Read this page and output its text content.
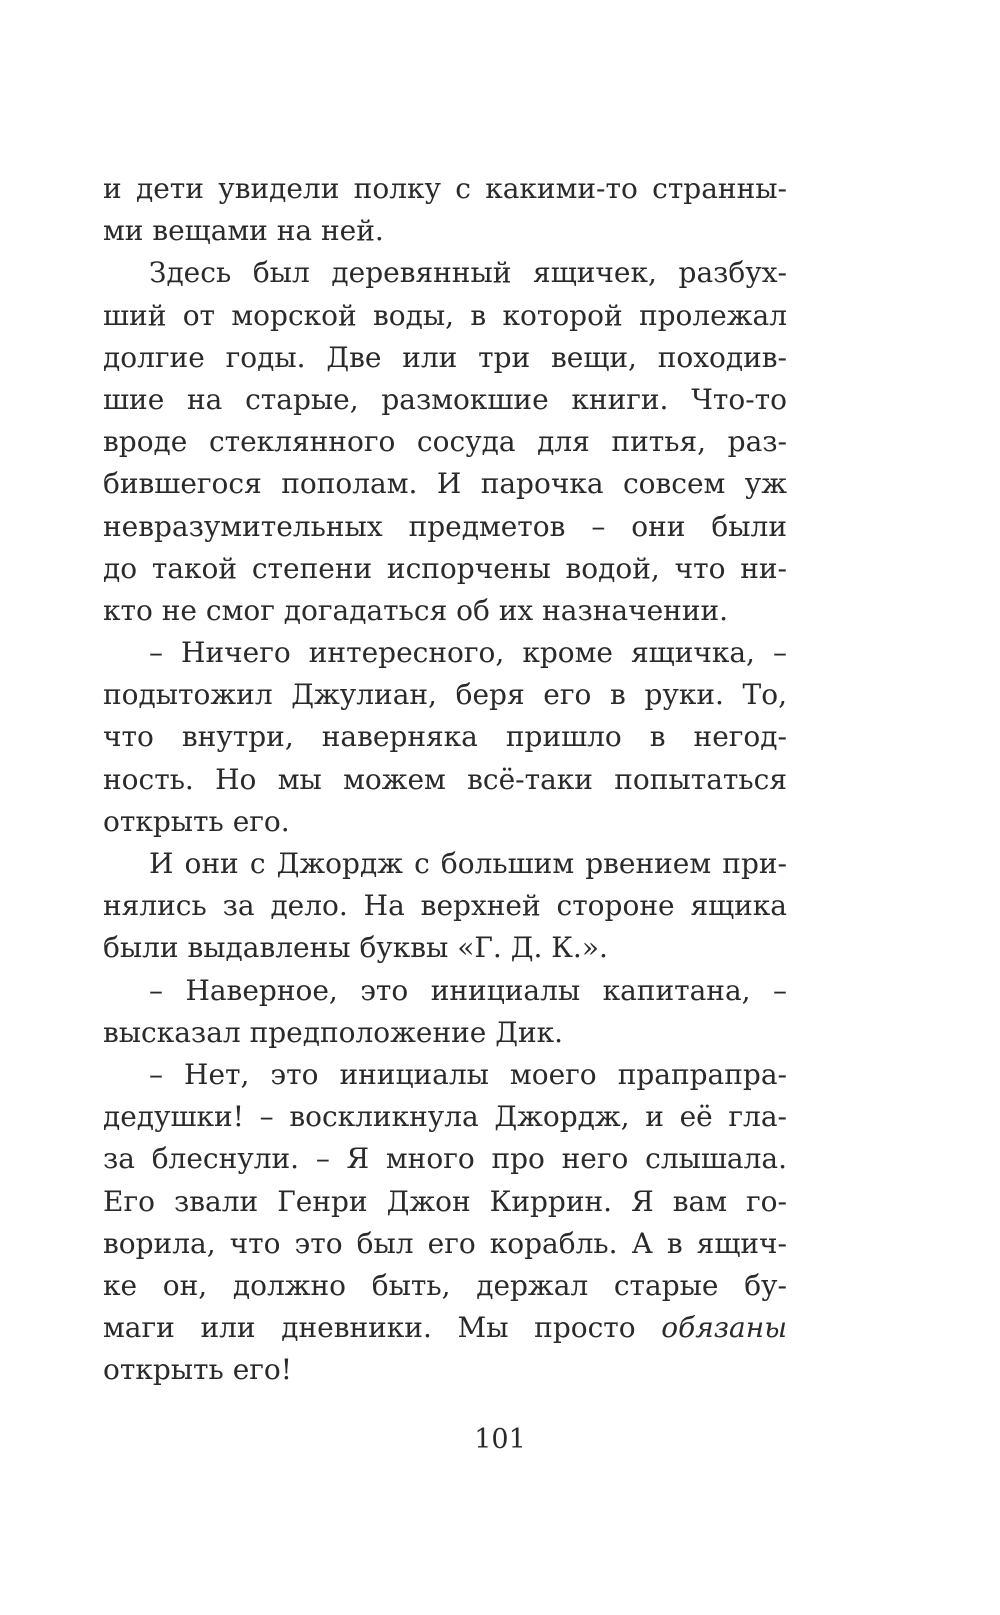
и дети увидели полку с какими-то странны-
ми вещами на ней.
Здесь был деревянный ящичек, разбух-
ший от морской воды, в которой пролежал
долгие годы. Две или три вещи, походив-
шие на старые, размокшие книги. Что-то
вроде стеклянного сосуда для питья, раз-
бившегося пополам. И парочка совсем уж
невразумительных предметов – они были
до такой степени испорчены водой, что ни-
кто не смог догадаться об их назначении.
– Ничего интересного, кроме ящичка, –
подытожил Джулиан, беря его в руки. То,
что внутри, наверняка пришло в негод-
ность. Но мы можем всё-таки попытаться
открыть его.
И они с Джордж с большим рвением при-
нялись за дело. На верхней стороне ящика
были выдавлены буквы «Г. Д. К.».
– Наверное, это инициалы капитана, –
высказал предположение Дик.
– Нет, это инициалы моего прапрапра-
дедушки! – воскликнула Джордж, и её гла-
за блеснули. – Я много про него слышала.
Его звали Генри Джон Киррин. Я вам го-
ворила, что это был его корабль. А в ящич-
ке он, должно быть, держал старые бу-
маги или дневники. Мы просто обязаны
открыть его!
101
